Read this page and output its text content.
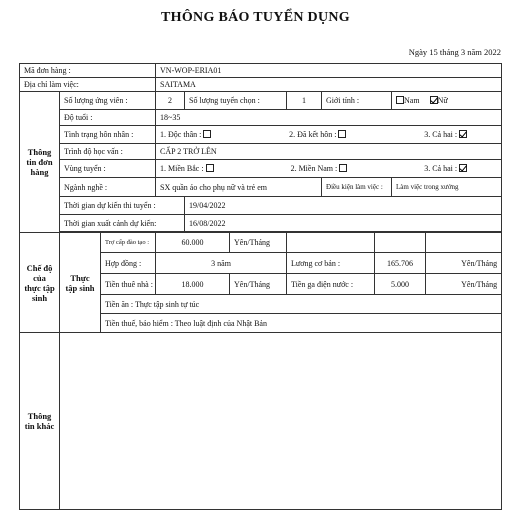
THÔNG BÁO TUYỂN DỤNG
Ngày 15 tháng 3 năm 2022
Mã đơn hàng :			VN-WOP-ERIA01							
Địa chỉ làm việc:			SAITAMA							
Thông tin đơn hàng	Số lượng ứng viên :		2	Số lượng tuyển chọn :		1	Giới tính :		Nam Nữ	
	Độ tuổi :		18~35							
	Tình trạng hôn nhân :		1. Độc thân : 2. Đã kết hôn : 3. Cả hai :							

	Trình độ học vấn :		CẤP 2 TRỞ LÊN							
	Vùng tuyển :		1. Miền Bắc : 2. Miền Nam : 3. Cả hai :							

	Ngành nghề :		SX quần áo cho phụ nữ và trẻ em				Điều kiện làm việc :		Làm việc trong xưởng	
	Thời gian dự kiến thi tuyển :			19/04/2022						
	Thời gian xuất cảnh dự kiến:			16/08/2022						

Chế độ của thực tập sinh	Thực tập sinh	Trợ cấp đào tạo :	60.000		Yên/Tháng					
		Hợp đồng :	3 năm			Lương cơ bản :		165.706		Yên/Tháng
		Tiền thuê nhà :	18.000		Yên/Tháng	Tiền ga điện nước :		5.000		Yên/Tháng
		Tiền ăn : Thực tập sinh tự túc								
		Tiền thuế, bảo hiểm : Theo luật định của Nhật Bản								
Thông tin khác										
